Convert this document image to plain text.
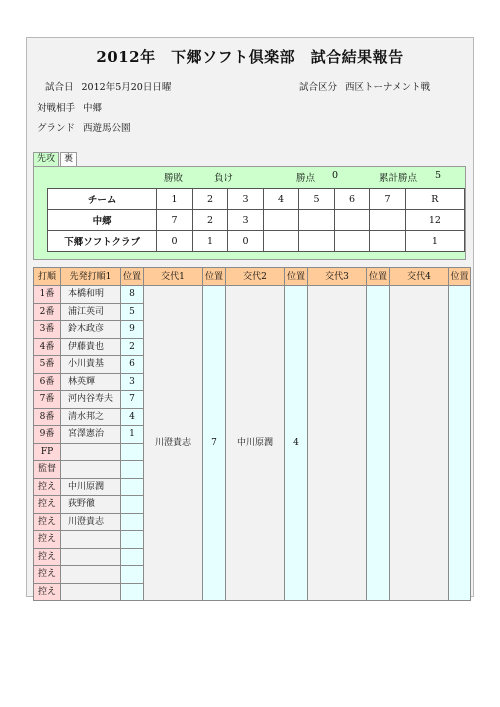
2012年　下郷ソフト倶楽部　試合結果報告
試合日 2012年5月20日日曜	試合区分 西区トーナメント戦
対戦相手 中郷
グランド 西遊馬公園
先攻	裏
勝敗	負け	勝点 0	累計勝点 5
チーム	1	2	3	4	5	6	7	R
中郷	7	2	3					12
下郷ソフトクラブ	0	1	0					1
打順	先発打順1	位置	交代1	位置	交代2	位置	交代3	位置	交代4	位置
1番	本橋和明	8	川澄貴志	7	中川原潤	4				
2番	浦江英司	5								
3番	鈴木政彦	9								
4番	伊藤貴也	2								
5番	小川貴基	6								
6番	林英輝	3								
7番	河内谷寿夫	7								
8番	清水邦之	4								
9番	宮澤憲治	1								
FP										
監督										
控え	中川原潤									
控え	荻野徹									
控え	川澄貴志									
控え										
控え										
控え										
控え										
